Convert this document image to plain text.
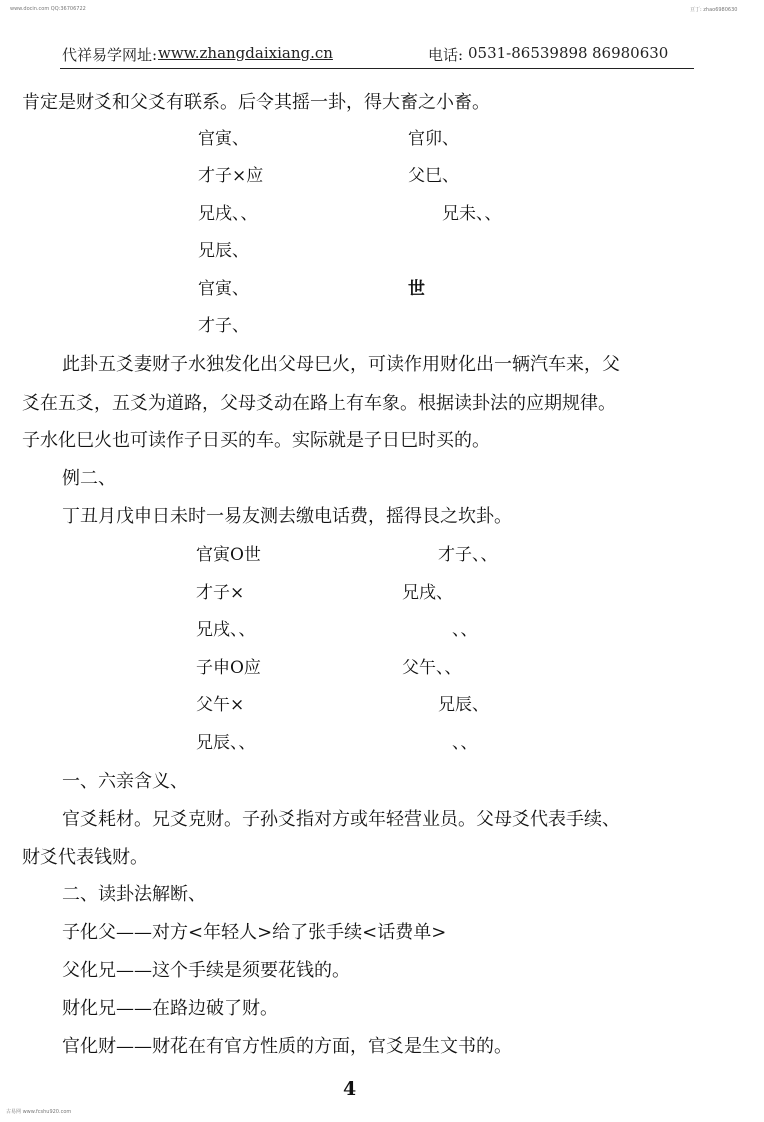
www.docin.com QQ:36706722	豆丁: zhao6980630
代祥易学网址: www.zhangdaixiang.cn	电话: 0531-86539898 86980630
肯定是财爻和父爻有联系。后令其摇一卦，得大畜之小畜。
官寅、
才子×应
兄戌、、
兄辰、
官寅、
才子、
官卯、
父巳、
兄未、、
世
此卦五爻妻财子水独发化出父母巳火，可读作用财化出一辆汽车来，父
爻在五爻，五爻为道路，父母爻动在路上有车象。根据读卦法的应期规律。
子水化巳火也可读作子日买的车。实际就是子日巳时买的。
例二、
丁丑月戊申日未时一易友测去缴电话费，摇得艮之坎卦。
官寅O世
才子×
兄戌、、
子申O应
父午×
兄辰、、
才子、、
兄戌、
、、
父午、、
兄辰、
、、
一、六亲含义、
官爻耗材。兄爻克财。子孙爻指对方或年轻营业员。父母爻代表手续、
财爻代表钱财。
二、读卦法解断、
子化父——对方<年轻人>给了张手续<话费单>
父化兄——这个手续是须要花钱的。
财化兄——在路边破了财。
官化财——财花在有官方性质的方面，官爻是生文书的。
4
古易网 www.fcshu920.com
